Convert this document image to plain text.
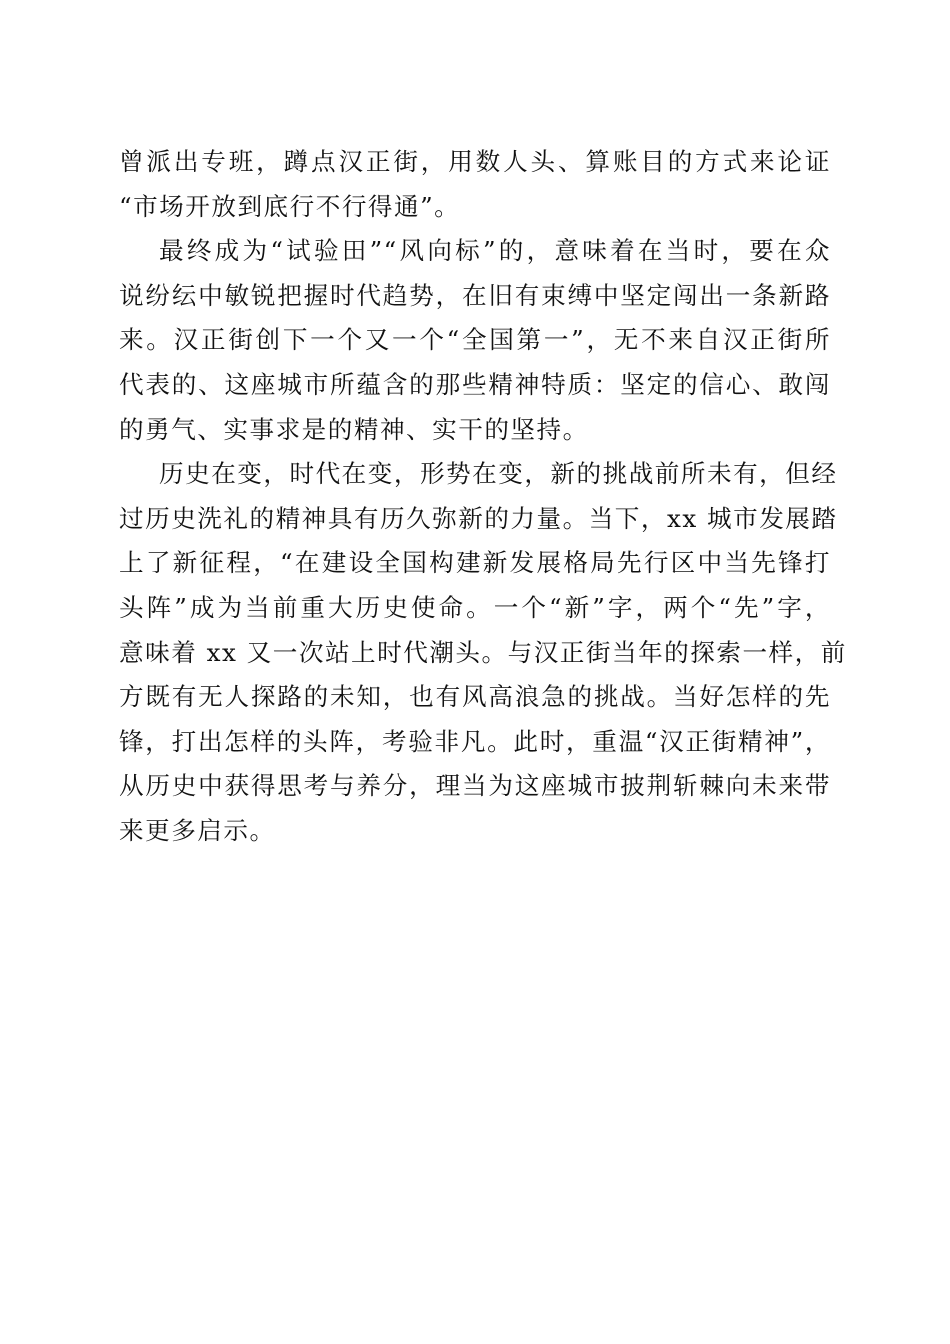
曾派出专班，蹲点汉正街，用数人头、算账目的方式来论证
“市场开放到底行不行得通”。
最终成为“试验田”“风向标”的，意味着在当时，要在众
说纷纭中敏锐把握时代趋势，在旧有束缚中坚定闯出一条新路
来。汉正街创下一个又一个“全国第一”，无不来自汉正街所
代表的、这座城市所蕴含的那些精神特质：坚定的信心、敢闯
的勇气、实事求是的精神、实干的坚持。
历史在变，时代在变，形势在变，新的挑战前所未有，但经
过历史洗礼的精神具有历久弥新的力量。当下，xx 城市发展踏
上了新征程，“在建设全国构建新发展格局先行区中当先锋打
头阵”成为当前重大历史使命。一个“新”字，两个“先”字，
意味着 xx 又一次站上时代潮头。与汉正街当年的探索一样，前
方既有无人探路的未知，也有风高浪急的挑战。当好怎样的先
锋，打出怎样的头阵，考验非凡。此时，重温“汉正街精神”，
从历史中获得思考与养分，理当为这座城市披荆斩棘向未来带
来更多启示。
